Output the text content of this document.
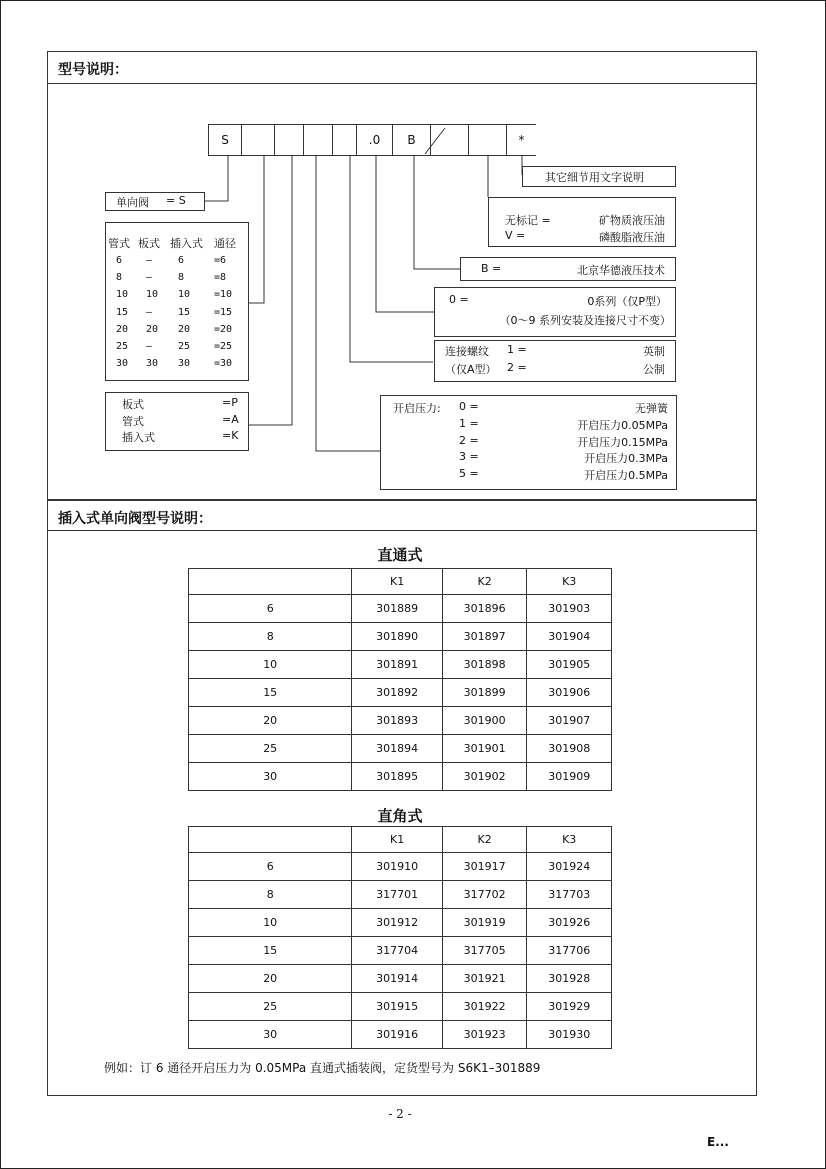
型号说明：
S	.0	B	*
单向阀 = S
管式 板式 插入式 通径
6 –	6	=6
8 –	8	=8
10 10 10 =10
15 –	15 =15
20 20 20 =20
25 –	25 =25
30 30 30 =30
板式	=P
管式	=A
插入式	=K
其它细节用文字说明
无标记 =	矿物质液压油
V =	磷酸脂液压油
B =	北京华德液压技术
0 =	0系列（仅P型）
（0～9 系列安装及连接尺寸不变）
连接螺纹 1 =	英制
（仅A型） 2 =	公制
开启压力: 0 =	无弹簧
1 =	开启压力0.05MPa
2 =	开启压力0.15MPa
3 =	开启压力0.3MPa
5 =	开启压力0.5MPa
插入式单向阀型号说明：
直通式
	K1	K2	K3
6	301889	301896	301903
8	301890	301897	301904
10	301891	301898	301905
15	301892	301899	301906
20	301893	301900	301907
25	301894	301901	301908
30	301895	301902	301909
直角式
	K1	K2	K3
6	301910	301917	301924
8	317701	317702	317703
10	301912	301919	301926
15	317704	317705	317706
20	301914	301921	301928
25	301915	301922	301929
30	301916	301923	301930
例如：订 6 通径开启压力为 0.05MPa 直通式插装阀，定货型号为 S6K1–301889
- 2 -
E...
